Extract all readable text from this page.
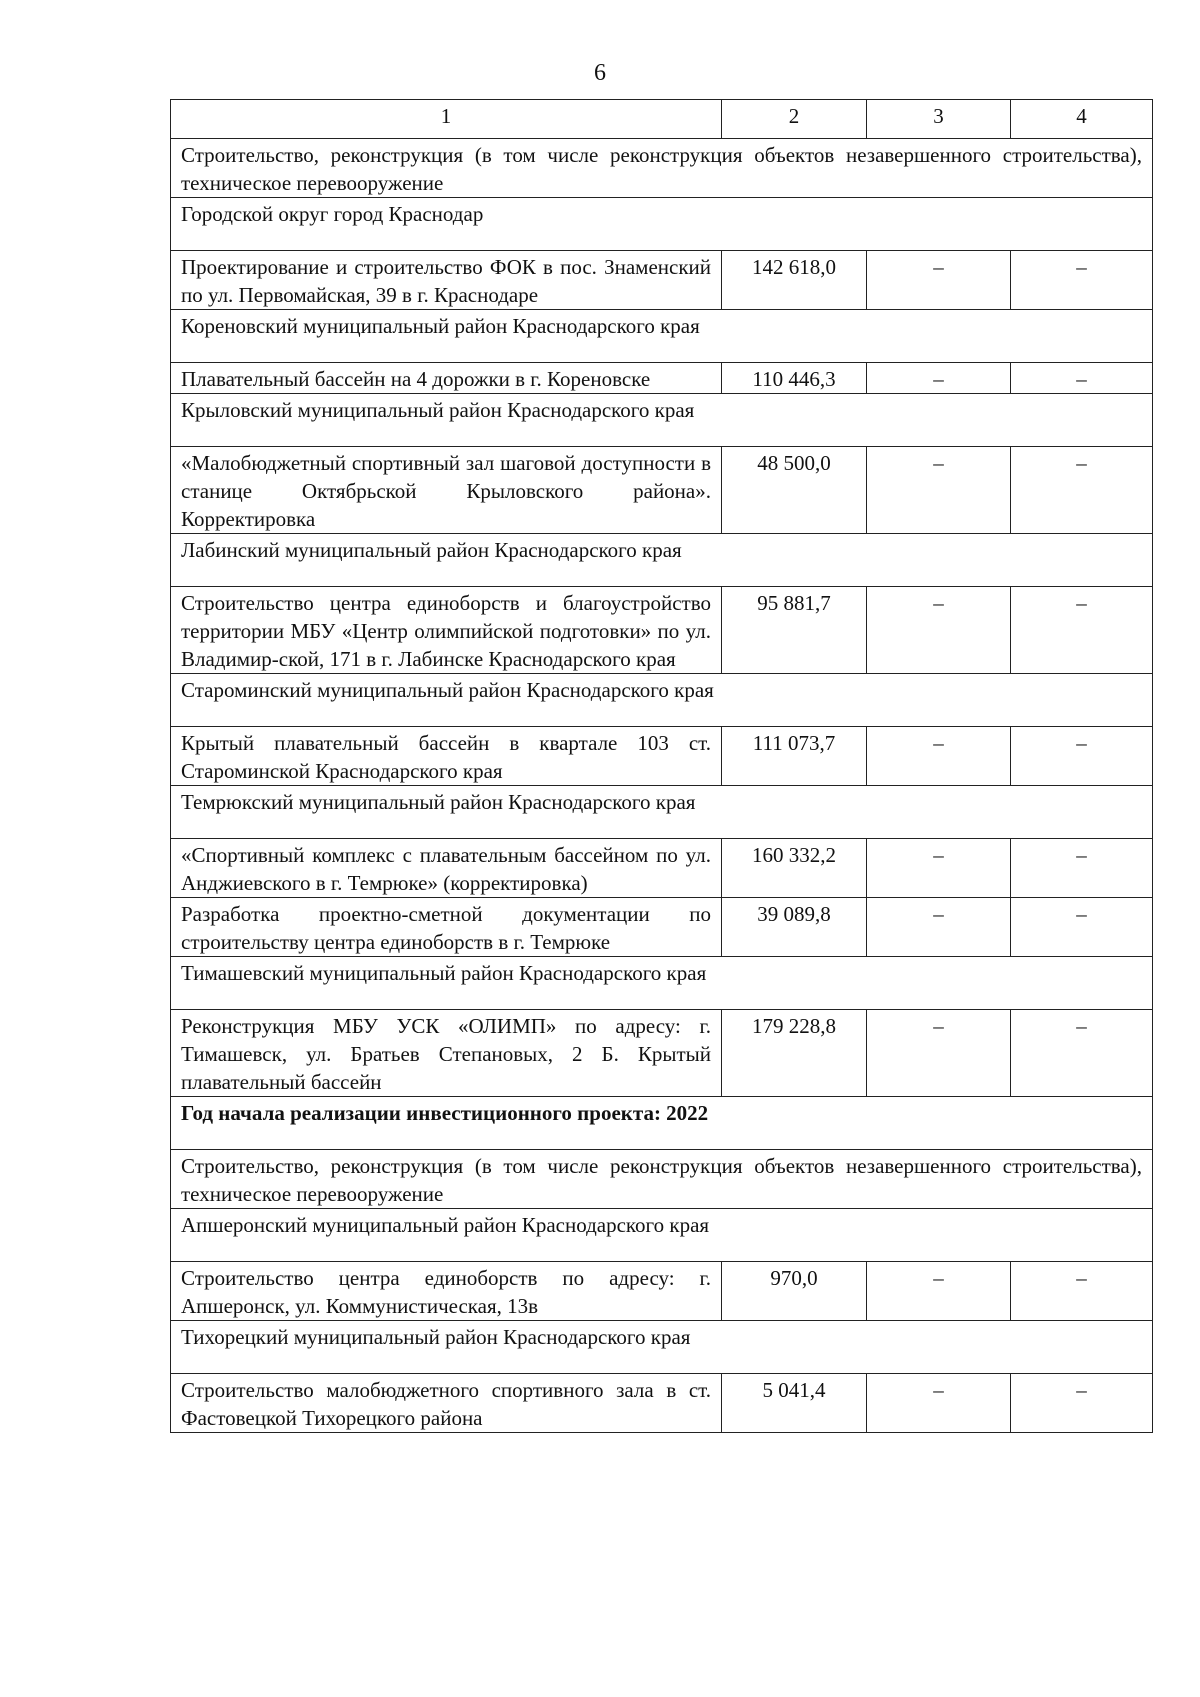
6
1	2	3	4
Строительство, реконструкция (в том числе реконструкция объектов незавершенного строительства), техническое перевооружение			
Городской округ город Краснодар			
Проектирование и строительство ФОК в пос. Знаменский по ул. Первомайская, 39 в г. Краснодаре	142 618,0	–	–
Кореновский муниципальный район Краснодарского края			
Плавательный бассейн на 4 дорожки в г. Кореновске	110 446,3	–	–
Крыловский муниципальный район Краснодарского края			
«Малобюджетный спортивный зал шаговой доступности в станице Октябрьской Крыловского района». Корректировка	48 500,0	–	–
Лабинский муниципальный район Краснодарского края			
Строительство центра единоборств и благоустройство территории МБУ «Центр олимпийской подготовки» по ул. Владимир-ской, 171 в г. Лабинске Краснодарского края	95 881,7	–	–
Староминский муниципальный район Краснодарского края			
Крытый плавательный бассейн в квартале 103 ст. Староминской Краснодарского края	111 073,7	–	–
Темрюкский муниципальный район Краснодарского края			
«Спортивный комплекс с плавательным бассейном по ул. Анджиевского в г. Темрюке» (корректировка)	160 332,2	–	–
Разработка проектно-сметной документации по строительству центра единоборств в г. Темрюке	39 089,8	–	–
Тимашевский муниципальный район Краснодарского края			
Реконструкция МБУ УСК «ОЛИМП» по адресу: г. Тимашевск, ул. Братьев Степановых, 2 Б. Крытый плавательный бассейн	179 228,8	–	–
Год начала реализации инвестиционного проекта: 2022			
Строительство, реконструкция (в том числе реконструкция объектов незавершенного строительства), техническое перевооружение			
Апшеронский муниципальный район Краснодарского края			
Строительство центра единоборств по адресу: г. Апшеронск, ул. Коммунистическая, 13в	970,0	–	–
Тихорецкий муниципальный район Краснодарского края			
Строительство малобюджетного спортивного зала в ст. Фастовецкой Тихорецкого района	5 041,4	–	–
